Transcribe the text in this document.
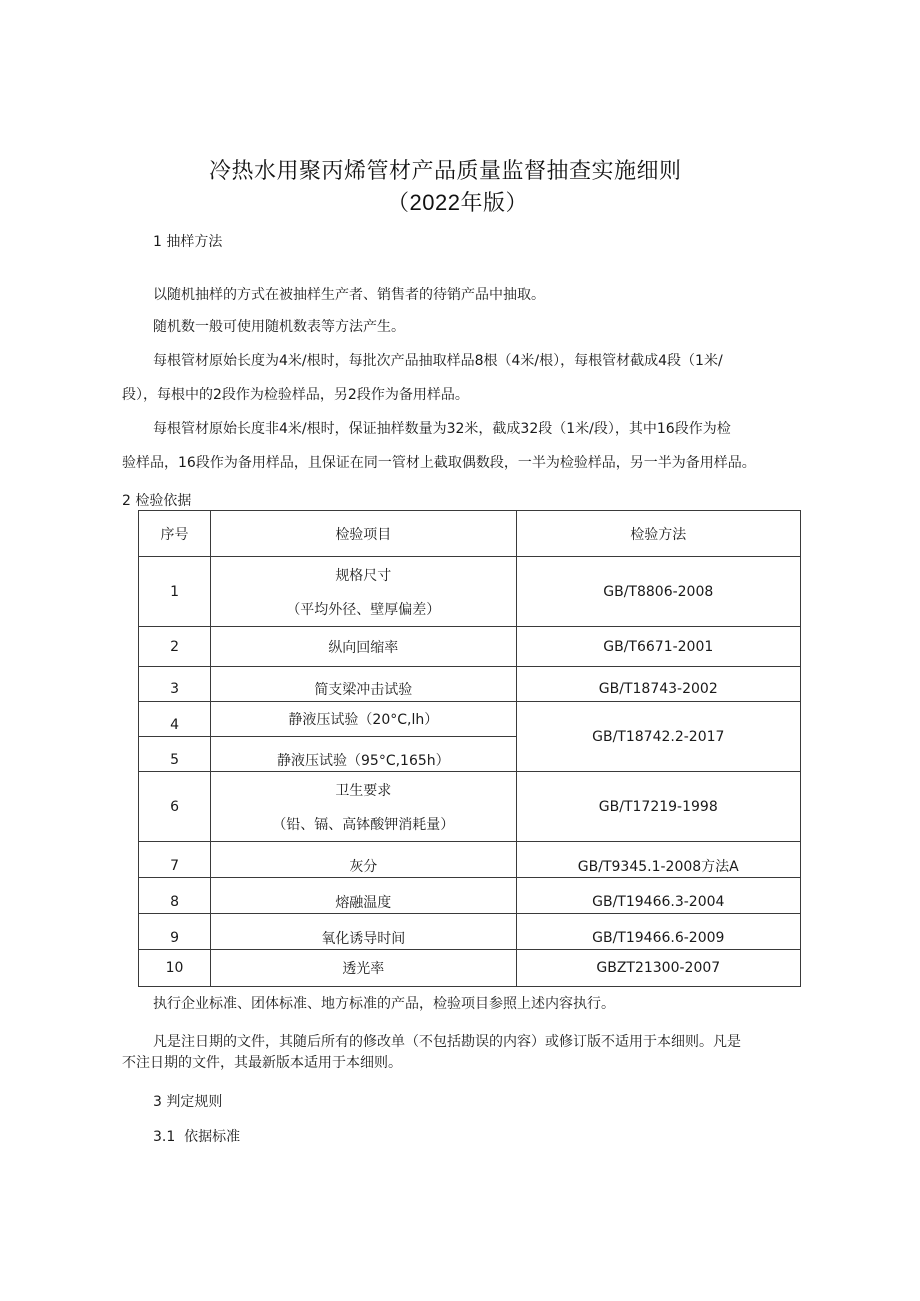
冷热水用聚丙烯管材产品质量监督抽查实施细则
（2022年版）
1 抽样方法
以随机抽样的方式在被抽样生产者、销售者的待销产品中抽取。
随机数一般可使用随机数表等方法产生。
每根管材原始长度为4米/根时，每批次产品抽取样品8根（4米/根），每根管材截成4段（1米/
段），每根中的2段作为检验样品，另2段作为备用样品。
每根管材原始长度非4米/根时，保证抽样数量为32米，截成32段（1米/段），其中16段作为检
验样品，16段作为备用样品，且保证在同一管材上截取偶数段，一半为检验样品，另一半为备用样品。
2 检验依据
序号	检验项目	检验方法
1	规格尺寸
（平均外径、壁厚偏差）	GB/T8806-2008
2	纵向回缩率	GB/T6671-2001
3	简支梁冲击试验	GB/T18743-2002
4	静液压试验（20°C,lh）	GB/T18742.2-2017
5	静液压试验（95°C,165h）	
6	卫生要求
（铅、镉、高钵酸钾消耗量）	GB/T17219-1998
7	灰分	GB/T9345.1-2008方法A
8	熔融温度	GB/T19466.3-2004
9	氧化诱导时间	GB/T19466.6-2009
10	透光率	GBZT21300-2007
执行企业标准、团体标准、地方标准的产品，检验项目参照上述内容执行。
凡是注日期的文件，其随后所有的修改单（不包括勘误的内容）或修订版不适用于本细则。凡是
不注日期的文件，其最新版本适用于本细则。
3 判定规则
3.1  依据标准
